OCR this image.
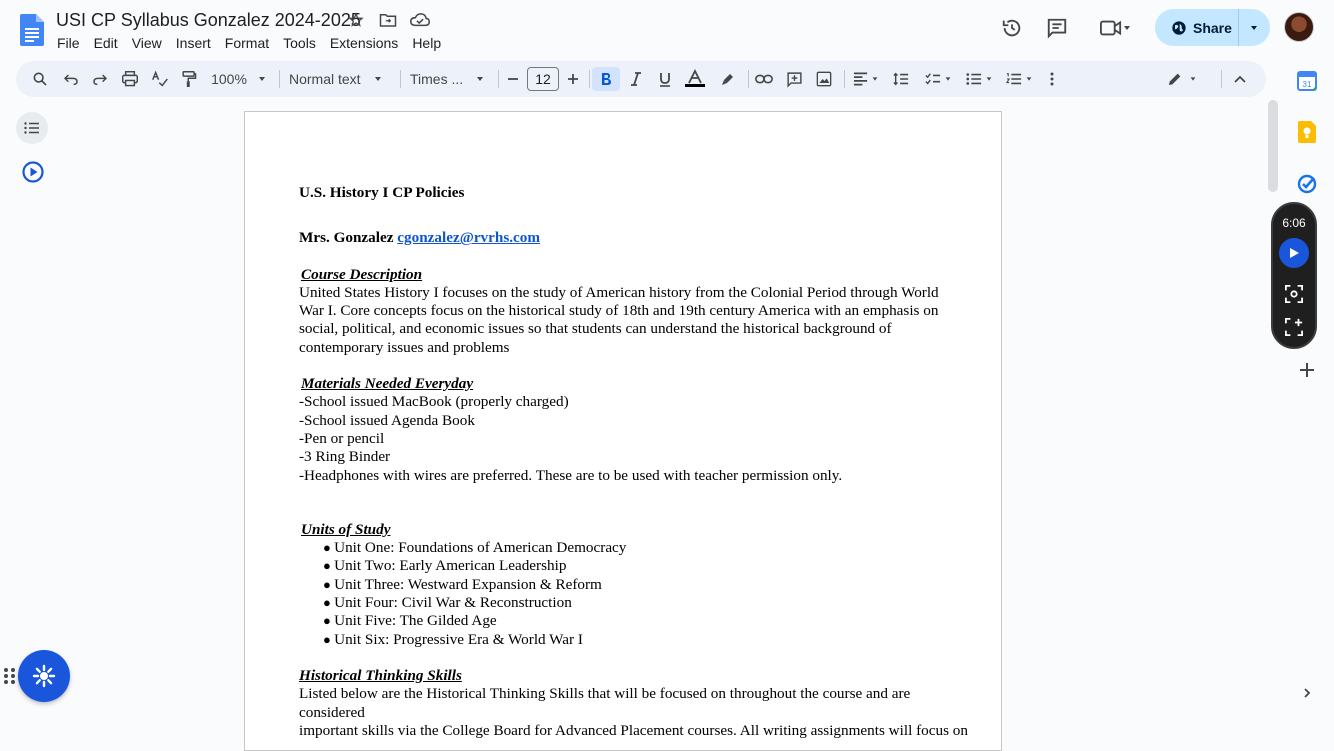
USI CP Syllabus Gonzalez 2024-2025
File	Edit	View	Insert	Format	Tools	Extensions	Help
Share
100%	Normal text	Times ...	12

U.S. History I CP Policies

Mrs. Gonzalez cgonzalez@rvrhs.com

Course Description

United States History I focuses on the study of American history from the Colonial Period through World

War I. Core concepts focus on the historical study of 18th and 19th century America with an emphasis on

social, political, and economic issues so that students can understand the historical background of

contemporary issues and problems

Materials Needed Everyday

-School issued MacBook (properly charged)

-School issued Agenda Book

-Pen or pencil

-3 Ring Binder

-Headphones with wires are preferred. These are to be used with teacher permission only.

Units of Study

● Unit One: Foundations of American Democracy

● Unit Two: Early American Leadership

● Unit Three: Westward Expansion & Reform

● Unit Four: Civil War & Reconstruction

● Unit Five: The Gilded Age

● Unit Six: Progressive Era & World War I

Historical Thinking Skills

Listed below are the Historical Thinking Skills that will be focused on throughout the course and are considered

important skills via the College Board for Advanced Placement courses. All writing assignments will focus on

31
6:06
